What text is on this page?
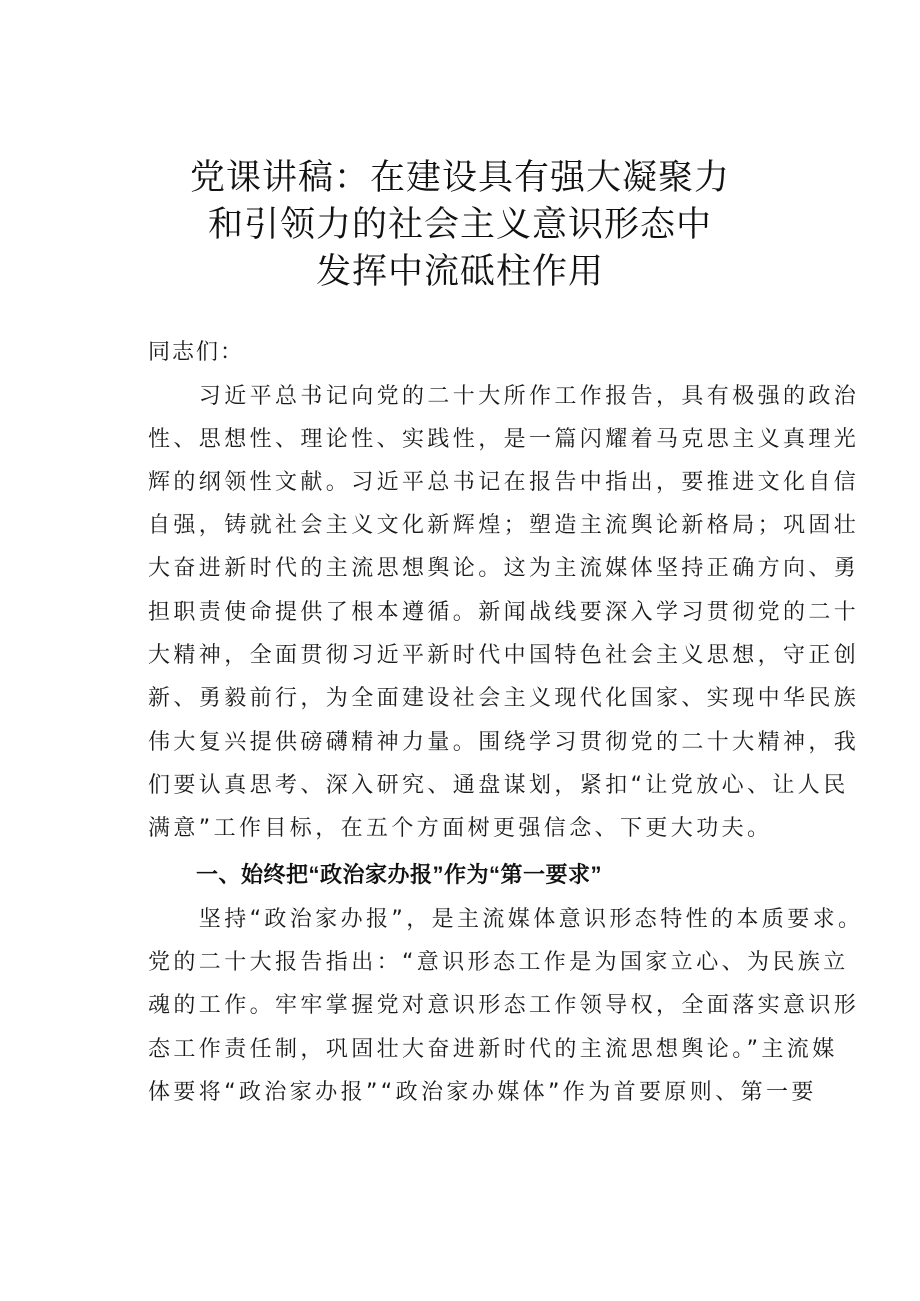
党课讲稿：在建设具有强大凝聚力
和引领力的社会主义意识形态中
发挥中流砥柱作用
同志们：
　　习近平总书记向党的二十大所作工作报告，具有极强的政治
性、思想性、理论性、实践性，是一篇闪耀着马克思主义真理光
辉的纲领性文献。习近平总书记在报告中指出，要推进文化自信
自强，铸就社会主义文化新辉煌；塑造主流舆论新格局；巩固壮
大奋进新时代的主流思想舆论。这为主流媒体坚持正确方向、勇
担职责使命提供了根本遵循。新闻战线要深入学习贯彻党的二十
大精神，全面贯彻习近平新时代中国特色社会主义思想，守正创
新、勇毅前行，为全面建设社会主义现代化国家、实现中华民族
伟大复兴提供磅礴精神力量。围绕学习贯彻党的二十大精神，我
们要认真思考、深入研究、通盘谋划，紧扣“让党放心、让人民
满意”工作目标，在五个方面树更强信念、下更大功夫。
一、始终把“政治家办报”作为“第一要求”
　　坚持“政治家办报”，是主流媒体意识形态特性的本质要求。
党的二十大报告指出：“意识形态工作是为国家立心、为民族立
魂的工作。牢牢掌握党对意识形态工作领导权，全面落实意识形
态工作责任制，巩固壮大奋进新时代的主流思想舆论。”主流媒
体要将“政治家办报”“政治家办媒体”作为首要原则、第一要
